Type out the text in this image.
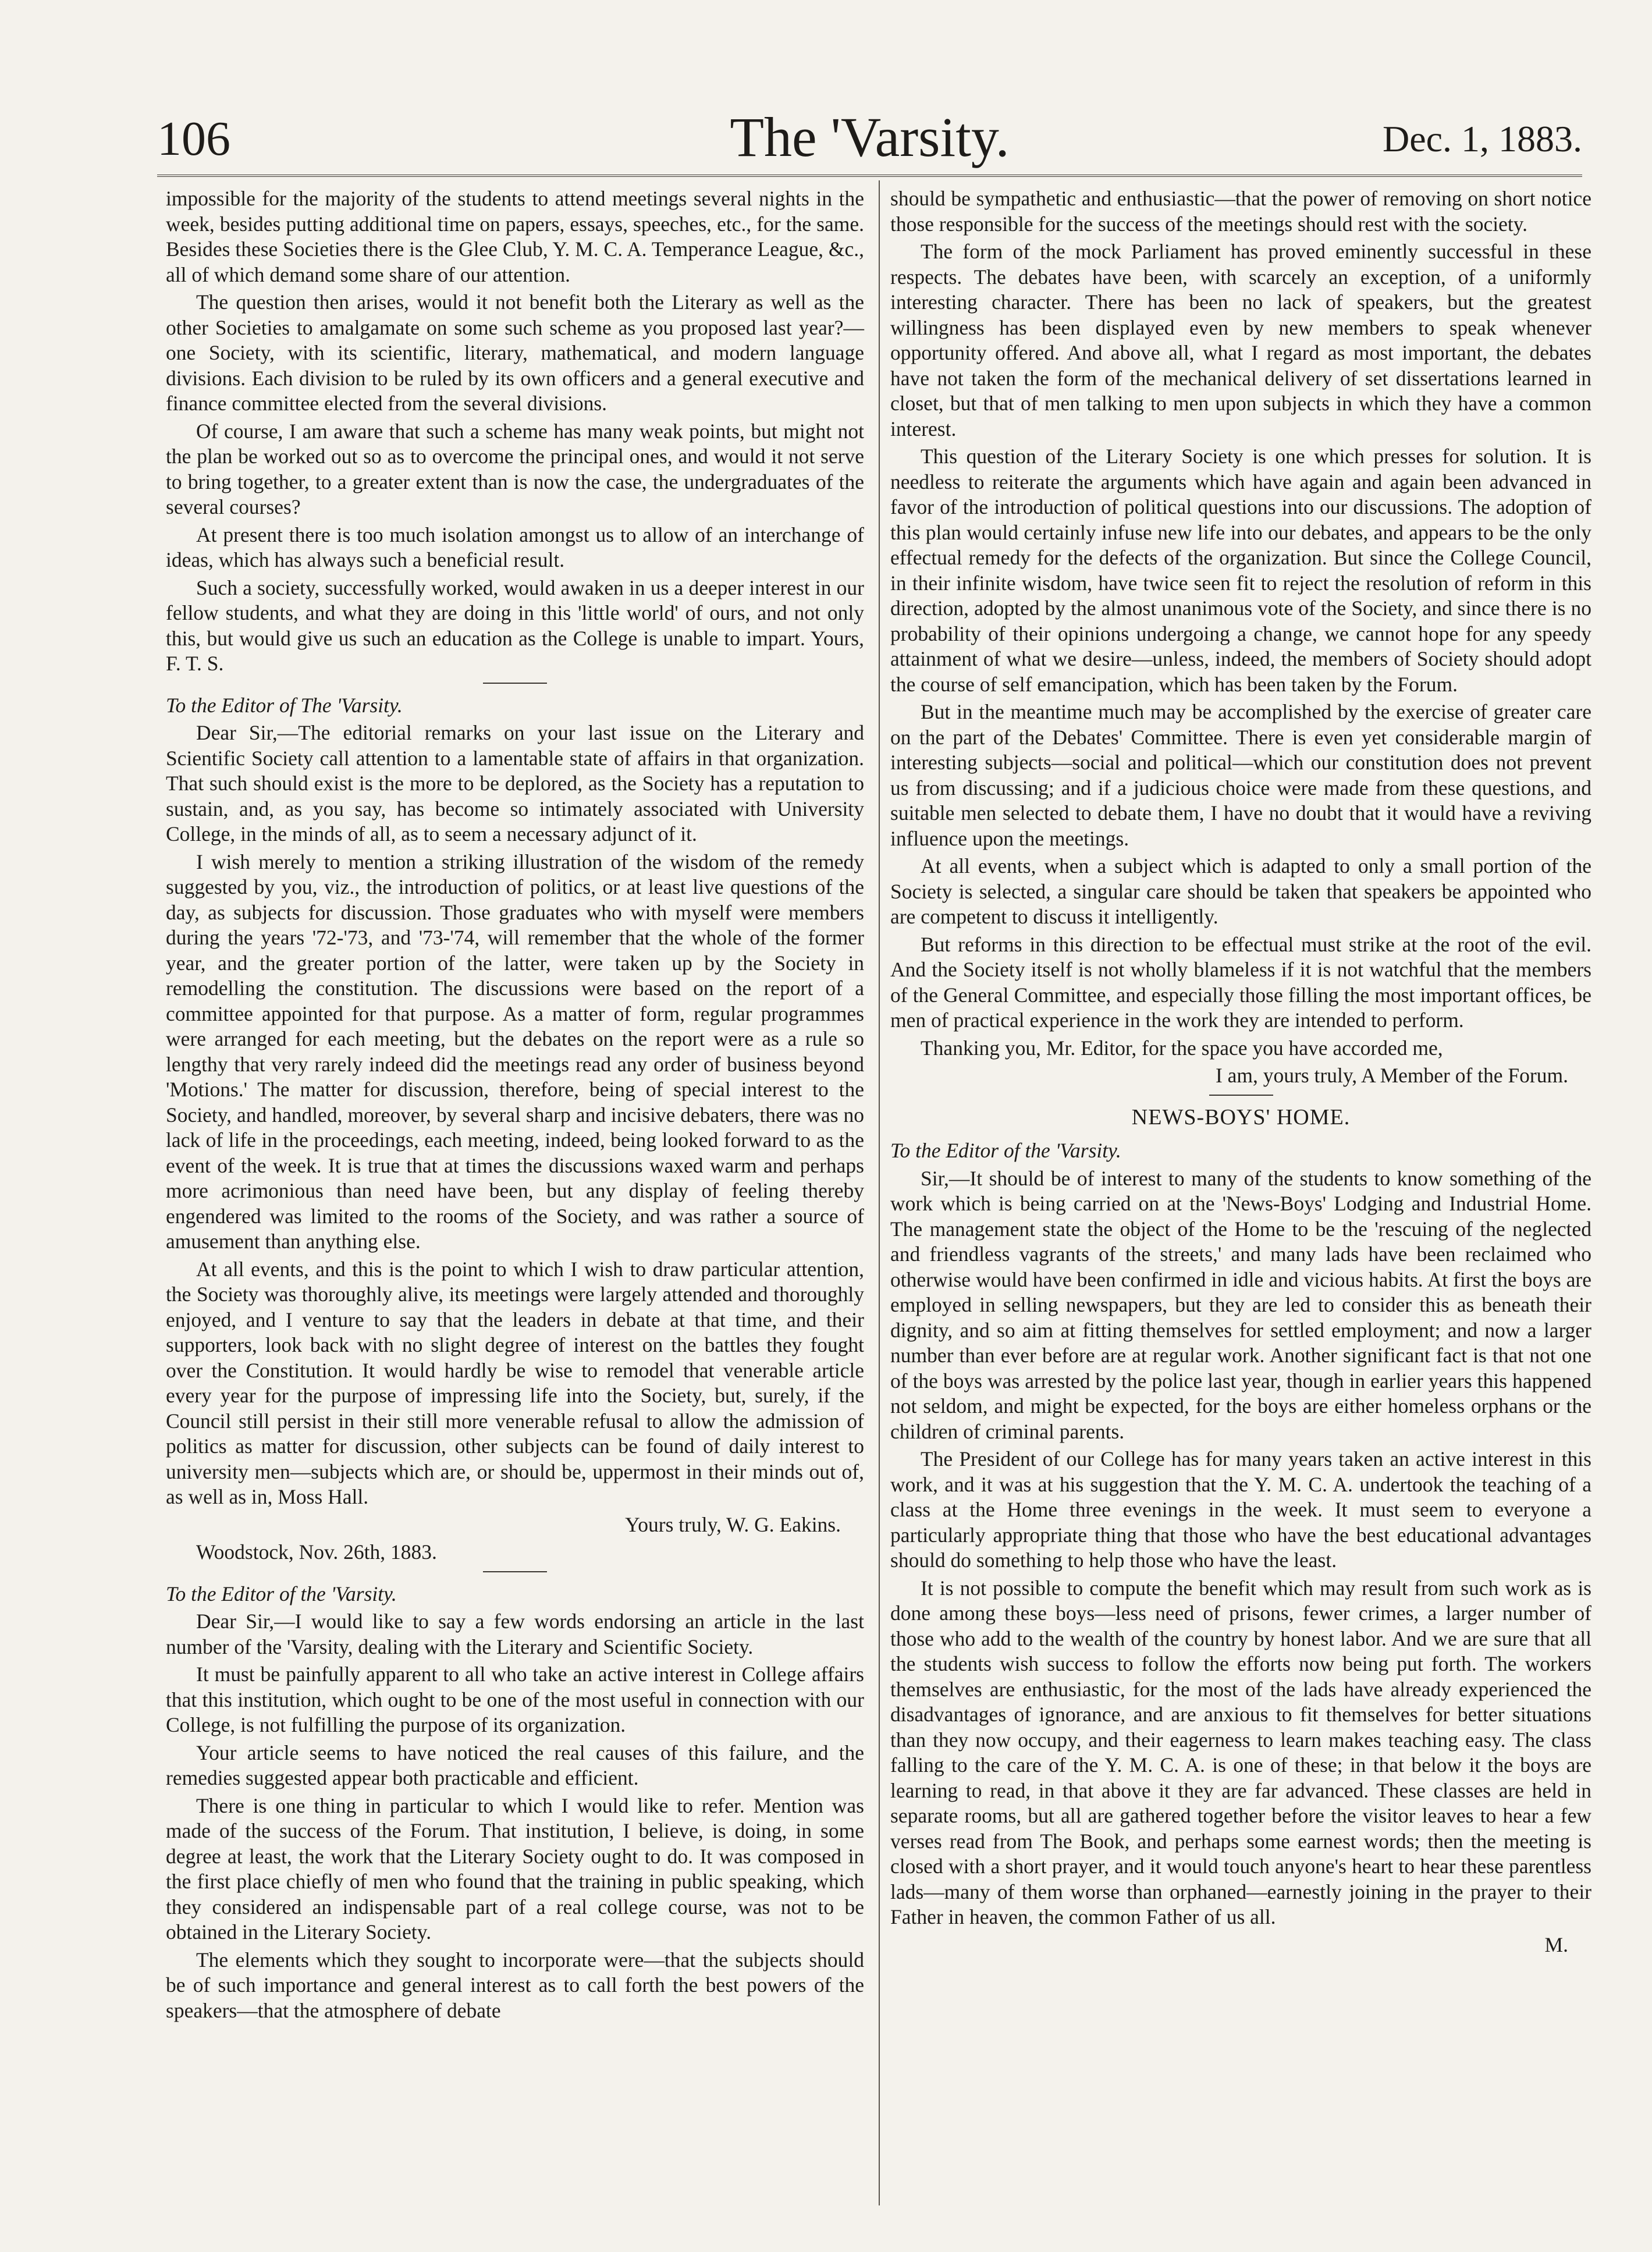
106	The 'Varsity.	Dec. 1, 1883.

impossible for the majority of the students to attend meetings several nights in the week, besides putting additional time on papers, essays, speeches, etc., for the same. Besides these Societies there is the Glee Club, Y. M. C. A. Temperance League, &c., all of which demand some share of our attention.

The question then arises, would it not benefit both the Literary as well as the other Societies to amalgamate on some such scheme as you proposed last year?—one Society, with its scientific, literary, mathematical, and modern language divisions. Each division to be ruled by its own officers and a general executive and finance committee elected from the several divisions.

Of course, I am aware that such a scheme has many weak points, but might not the plan be worked out so as to overcome the principal ones, and would it not serve to bring together, to a greater extent than is now the case, the undergraduates of the several courses?

At present there is too much isolation amongst us to allow of an interchange of ideas, which has always such a beneficial result.

Such a society, successfully worked, would awaken in us a deeper interest in our fellow students, and what they are doing in this 'little world' of ours, and not only this, but would give us such an education as the College is unable to impart. Yours, F. T. S.

To the Editor of The 'Varsity.

Dear Sir,—The editorial remarks on your last issue on the Literary and Scientific Society call attention to a lamentable state of affairs in that organization. That such should exist is the more to be deplored, as the Society has a reputation to sustain, and, as you say, has become so intimately associated with University College, in the minds of all, as to seem a necessary adjunct of it.

I wish merely to mention a striking illustration of the wisdom of the remedy suggested by you, viz., the introduction of politics, or at least live questions of the day, as subjects for discussion. Those graduates who with myself were members during the years '72-'73, and '73-'74, will remember that the whole of the former year, and the greater portion of the latter, were taken up by the Society in remodelling the constitution. The discussions were based on the report of a committee appointed for that purpose. As a matter of form, regular programmes were arranged for each meeting, but the debates on the report were as a rule so lengthy that very rarely indeed did the meetings read any order of business beyond 'Motions.' The matter for discussion, therefore, being of special interest to the Society, and handled, moreover, by several sharp and incisive debaters, there was no lack of life in the proceedings, each meeting, indeed, being looked forward to as the event of the week. It is true that at times the discussions waxed warm and perhaps more acrimonious than need have been, but any display of feeling thereby engendered was limited to the rooms of the Society, and was rather a source of amusement than anything else.

At all events, and this is the point to which I wish to draw particular attention, the Society was thoroughly alive, its meetings were largely attended and thoroughly enjoyed, and I venture to say that the leaders in debate at that time, and their supporters, look back with no slight degree of interest on the battles they fought over the Constitution. It would hardly be wise to remodel that venerable article every year for the purpose of impressing life into the Society, but, surely, if the Council still persist in their still more venerable refusal to allow the admission of politics as matter for discussion, other subjects can be found of daily interest to university men—subjects which are, or should be, uppermost in their minds out of, as well as in, Moss Hall.

Yours truly, W. G. Eakins.

Woodstock, Nov. 26th, 1883.

To the Editor of the 'Varsity.

Dear Sir,—I would like to say a few words endorsing an article in the last number of the 'Varsity, dealing with the Literary and Scientific Society.

It must be painfully apparent to all who take an active interest in College affairs that this institution, which ought to be one of the most useful in connection with our College, is not fulfilling the purpose of its organization.

Your article seems to have noticed the real causes of this failure, and the remedies suggested appear both practicable and efficient.

There is one thing in particular to which I would like to refer. Mention was made of the success of the Forum. That institution, I believe, is doing, in some degree at least, the work that the Literary Society ought to do. It was composed in the first place chiefly of men who found that the training in public speaking, which they considered an indispensable part of a real college course, was not to be obtained in the Literary Society.

The elements which they sought to incorporate were—that the subjects should be of such importance and general interest as to call forth the best powers of the speakers—that the atmosphere of debate

should be sympathetic and enthusiastic—that the power of removing on short notice those responsible for the success of the meetings should rest with the society.

The form of the mock Parliament has proved eminently successful in these respects. The debates have been, with scarcely an exception, of a uniformly interesting character. There has been no lack of speakers, but the greatest willingness has been displayed even by new members to speak whenever opportunity offered. And above all, what I regard as most important, the debates have not taken the form of the mechanical delivery of set dissertations learned in closet, but that of men talking to men upon subjects in which they have a common interest.

This question of the Literary Society is one which presses for solution. It is needless to reiterate the arguments which have again and again been advanced in favor of the introduction of political questions into our discussions. The adoption of this plan would certainly infuse new life into our debates, and appears to be the only effectual remedy for the defects of the organization. But since the College Council, in their infinite wisdom, have twice seen fit to reject the resolution of reform in this direction, adopted by the almost unanimous vote of the Society, and since there is no probability of their opinions undergoing a change, we cannot hope for any speedy attainment of what we desire—unless, indeed, the members of Society should adopt the course of self emancipation, which has been taken by the Forum.

But in the meantime much may be accomplished by the exercise of greater care on the part of the Debates' Committee. There is even yet considerable margin of interesting subjects—social and political—which our constitution does not prevent us from discussing; and if a judicious choice were made from these questions, and suitable men selected to debate them, I have no doubt that it would have a reviving influence upon the meetings.

At all events, when a subject which is adapted to only a small portion of the Society is selected, a singular care should be taken that speakers be appointed who are competent to discuss it intelligently.

But reforms in this direction to be effectual must strike at the root of the evil. And the Society itself is not wholly blameless if it is not watchful that the members of the General Committee, and especially those filling the most important offices, be men of practical experience in the work they are intended to perform.

Thanking you, Mr. Editor, for the space you have accorded me,

I am, yours truly, A Member of the Forum.

NEWS-BOYS' HOME.

To the Editor of the 'Varsity.

Sir,—It should be of interest to many of the students to know something of the work which is being carried on at the 'News-Boys' Lodging and Industrial Home. The management state the object of the Home to be the 'rescuing of the neglected and friendless vagrants of the streets,' and many lads have been reclaimed who otherwise would have been confirmed in idle and vicious habits. At first the boys are employed in selling newspapers, but they are led to consider this as beneath their dignity, and so aim at fitting themselves for settled employment; and now a larger number than ever before are at regular work. Another significant fact is that not one of the boys was arrested by the police last year, though in earlier years this happened not seldom, and might be expected, for the boys are either homeless orphans or the children of criminal parents.

The President of our College has for many years taken an active interest in this work, and it was at his suggestion that the Y. M. C. A. undertook the teaching of a class at the Home three evenings in the week. It must seem to everyone a particularly appropriate thing that those who have the best educational advantages should do something to help those who have the least.

It is not possible to compute the benefit which may result from such work as is done among these boys—less need of prisons, fewer crimes, a larger number of those who add to the wealth of the country by honest labor. And we are sure that all the students wish success to follow the efforts now being put forth. The workers themselves are enthusiastic, for the most of the lads have already experienced the disadvantages of ignorance, and are anxious to fit themselves for better situations than they now occupy, and their eagerness to learn makes teaching easy. The class falling to the care of the Y. M. C. A. is one of these; in that below it the boys are learning to read, in that above it they are far advanced. These classes are held in separate rooms, but all are gathered together before the visitor leaves to hear a few verses read from The Book, and perhaps some earnest words; then the meeting is closed with a short prayer, and it would touch anyone's heart to hear these parentless lads—many of them worse than orphaned—earnestly joining in the prayer to their Father in heaven, the common Father of us all.

M.
